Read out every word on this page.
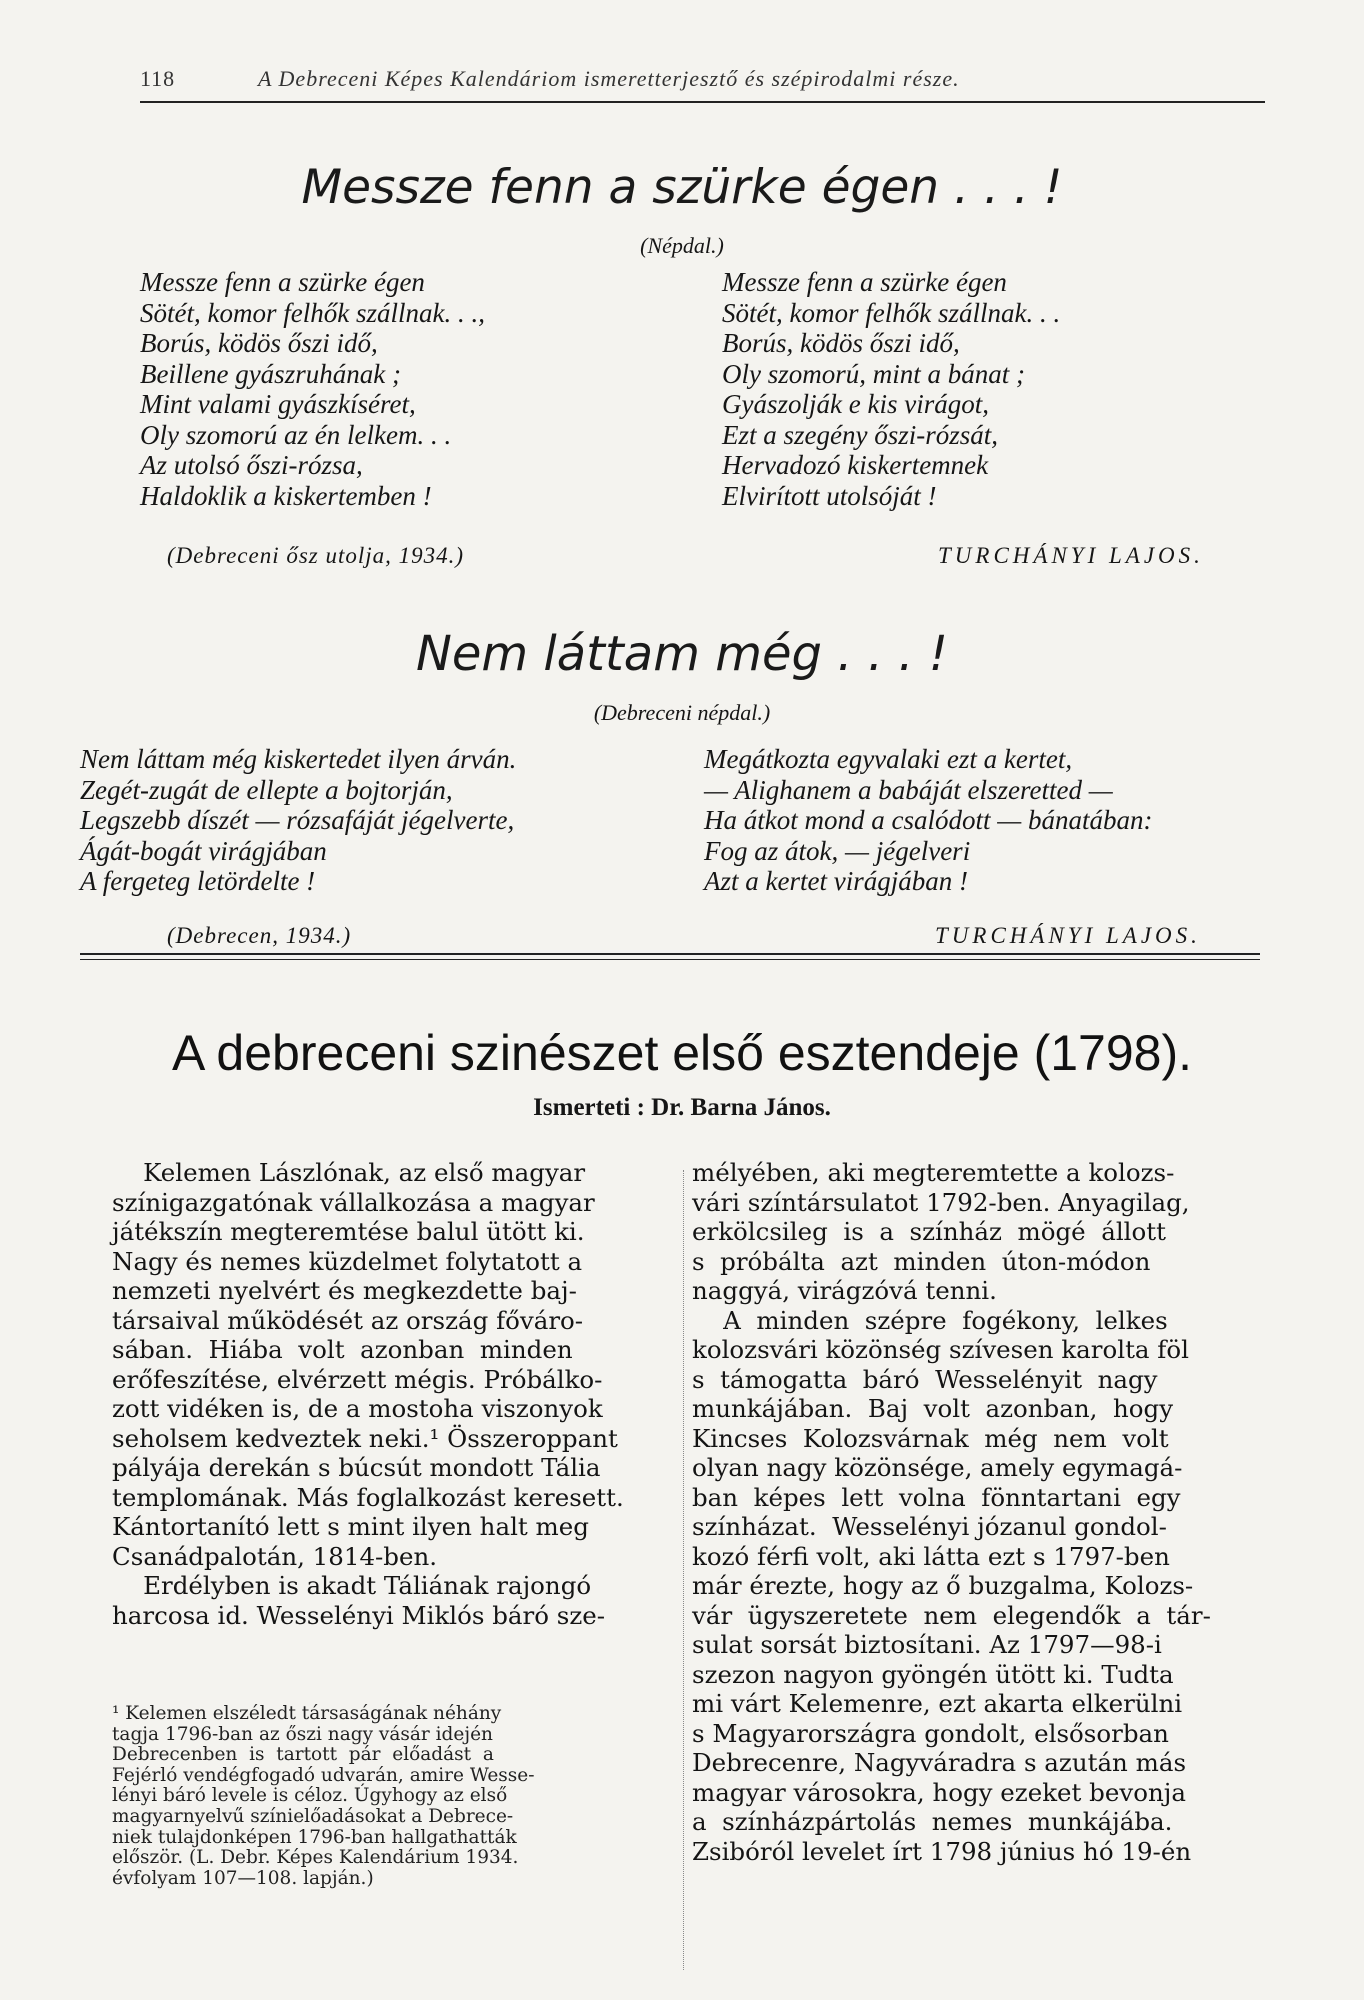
118	A Debreceni Képes Kalendáriom ismeretterjesztő és szépirodalmi része.
Messze fenn a szürke égen . . . !
(Népdal.)
Messze fenn a szürke égen
Sötét, komor felhők szállnak. . .,
Borús, ködös őszi idő,
Beillene gyászruhának ;
Mint valami gyászkíséret,
Oly szomorú az én lelkem. . .
Az utolsó őszi-rózsa,
Haldoklik a kiskertemben !
Messze fenn a szürke égen
Sötét, komor felhők szállnak. . .
Borús, ködös őszi idő,
Oly szomorú, mint a bánat ;
Gyászolják e kis virágot,
Ezt a szegény őszi-rózsát,
Hervadozó kiskertemnek
Elvirított utolsóját !
(Debreceni ősz utolja, 1934.)	TURCHÁNYI LAJOS.
Nem láttam még . . . !
(Debreceni népdal.)
Nem láttam még kiskertedet ilyen árván.
Zegét-zugát de ellepte a bojtorján,
Legszebb díszét — rózsafáját jégelverte,
Ágát-bogát virágjában
A fergeteg letördelte !
Megátkozta egyvalaki ezt a kertet,
— Alighanem a babáját elszeretted —
Ha átkot mond a csalódott — bánatában:
Fog az átok, — jégelveri
Azt a kertet virágjában !
(Debrecen, 1934.)	TURCHÁNYI LAJOS.
A debreceni szinészet első esztendeje (1798).
Ismerteti : Dr. Barna János.
Kelemen Lászlónak, az első magyar
színigazgatónak vállalkozása a magyar
játékszín megteremtése balul ütött ki.
Nagy és nemes küzdelmet folytatott a
nemzeti nyelvért és megkezdette baj-
társaival működését az ország főváro-
sában.  Hiába  volt  azonban  minden
erőfeszítése, elvérzett mégis. Próbálko-
zott vidéken is, de a mostoha viszonyok
seholsem kedveztek neki.¹ Összeroppant
pályája derekán s búcsút mondott Tália
templomának. Más foglalkozást keresett.
Kántortanító lett s mint ilyen halt meg
Csanádpalotán, 1814-ben.
Erdélyben is akadt Táliának rajongó
harcosa id. Wesselényi Miklós báró sze-
¹ Kelemen elszéledt társaságának néhány
tagja 1796-ban az őszi nagy vásár idején
Debrecenben  is  tartott  pár  előadást  a
Fejérló vendégfogadó udvarán, amire Wesse-
lényi báró levele is céloz. Úgyhogy az első
magyarnyelvű színielőadásokat a Debrece-
niek tulajdonképen 1796-ban hallgathatták
először. (L. Debr. Képes Kalendárium 1934.
évfolyam 107—108. lapján.)
mélyében, aki megteremtette a kolozs-
vári színtársulatot 1792-ben. Anyagilag,
erkölcsileg  is  a  színház  mögé  állott
s  próbálta  azt  minden  úton-módon
naggyá, virágzóvá tenni.
A  minden  szépre  fogékony,  lelkes
kolozsvári közönség szívesen karolta föl
s  támogatta  báró  Wesselényit  nagy
munkájában.  Baj  volt  azonban,  hogy
Kincses  Kolozsvárnak  még  nem  volt
olyan nagy közönsége, amely egymagá-
ban  képes  lett  volna  fönntartani  egy
színházat.  Wesselényi józanul gondol-
kozó férfi volt, aki látta ezt s 1797-ben
már érezte, hogy az ő buzgalma, Kolozs-
vár  ügyszeretete  nem  elegendők  a  tár-
sulat sorsát biztosítani. Az 1797—98-i
szezon nagyon gyöngén ütött ki. Tudta
mi várt Kelemenre, ezt akarta elkerülni
s Magyarországra gondolt, elsősorban
Debrecenre, Nagyváradra s azután más
magyar városokra, hogy ezeket bevonja
a  színházpártolás  nemes  munkájába.
Zsibóról levelet írt 1798 június hó 19-én
